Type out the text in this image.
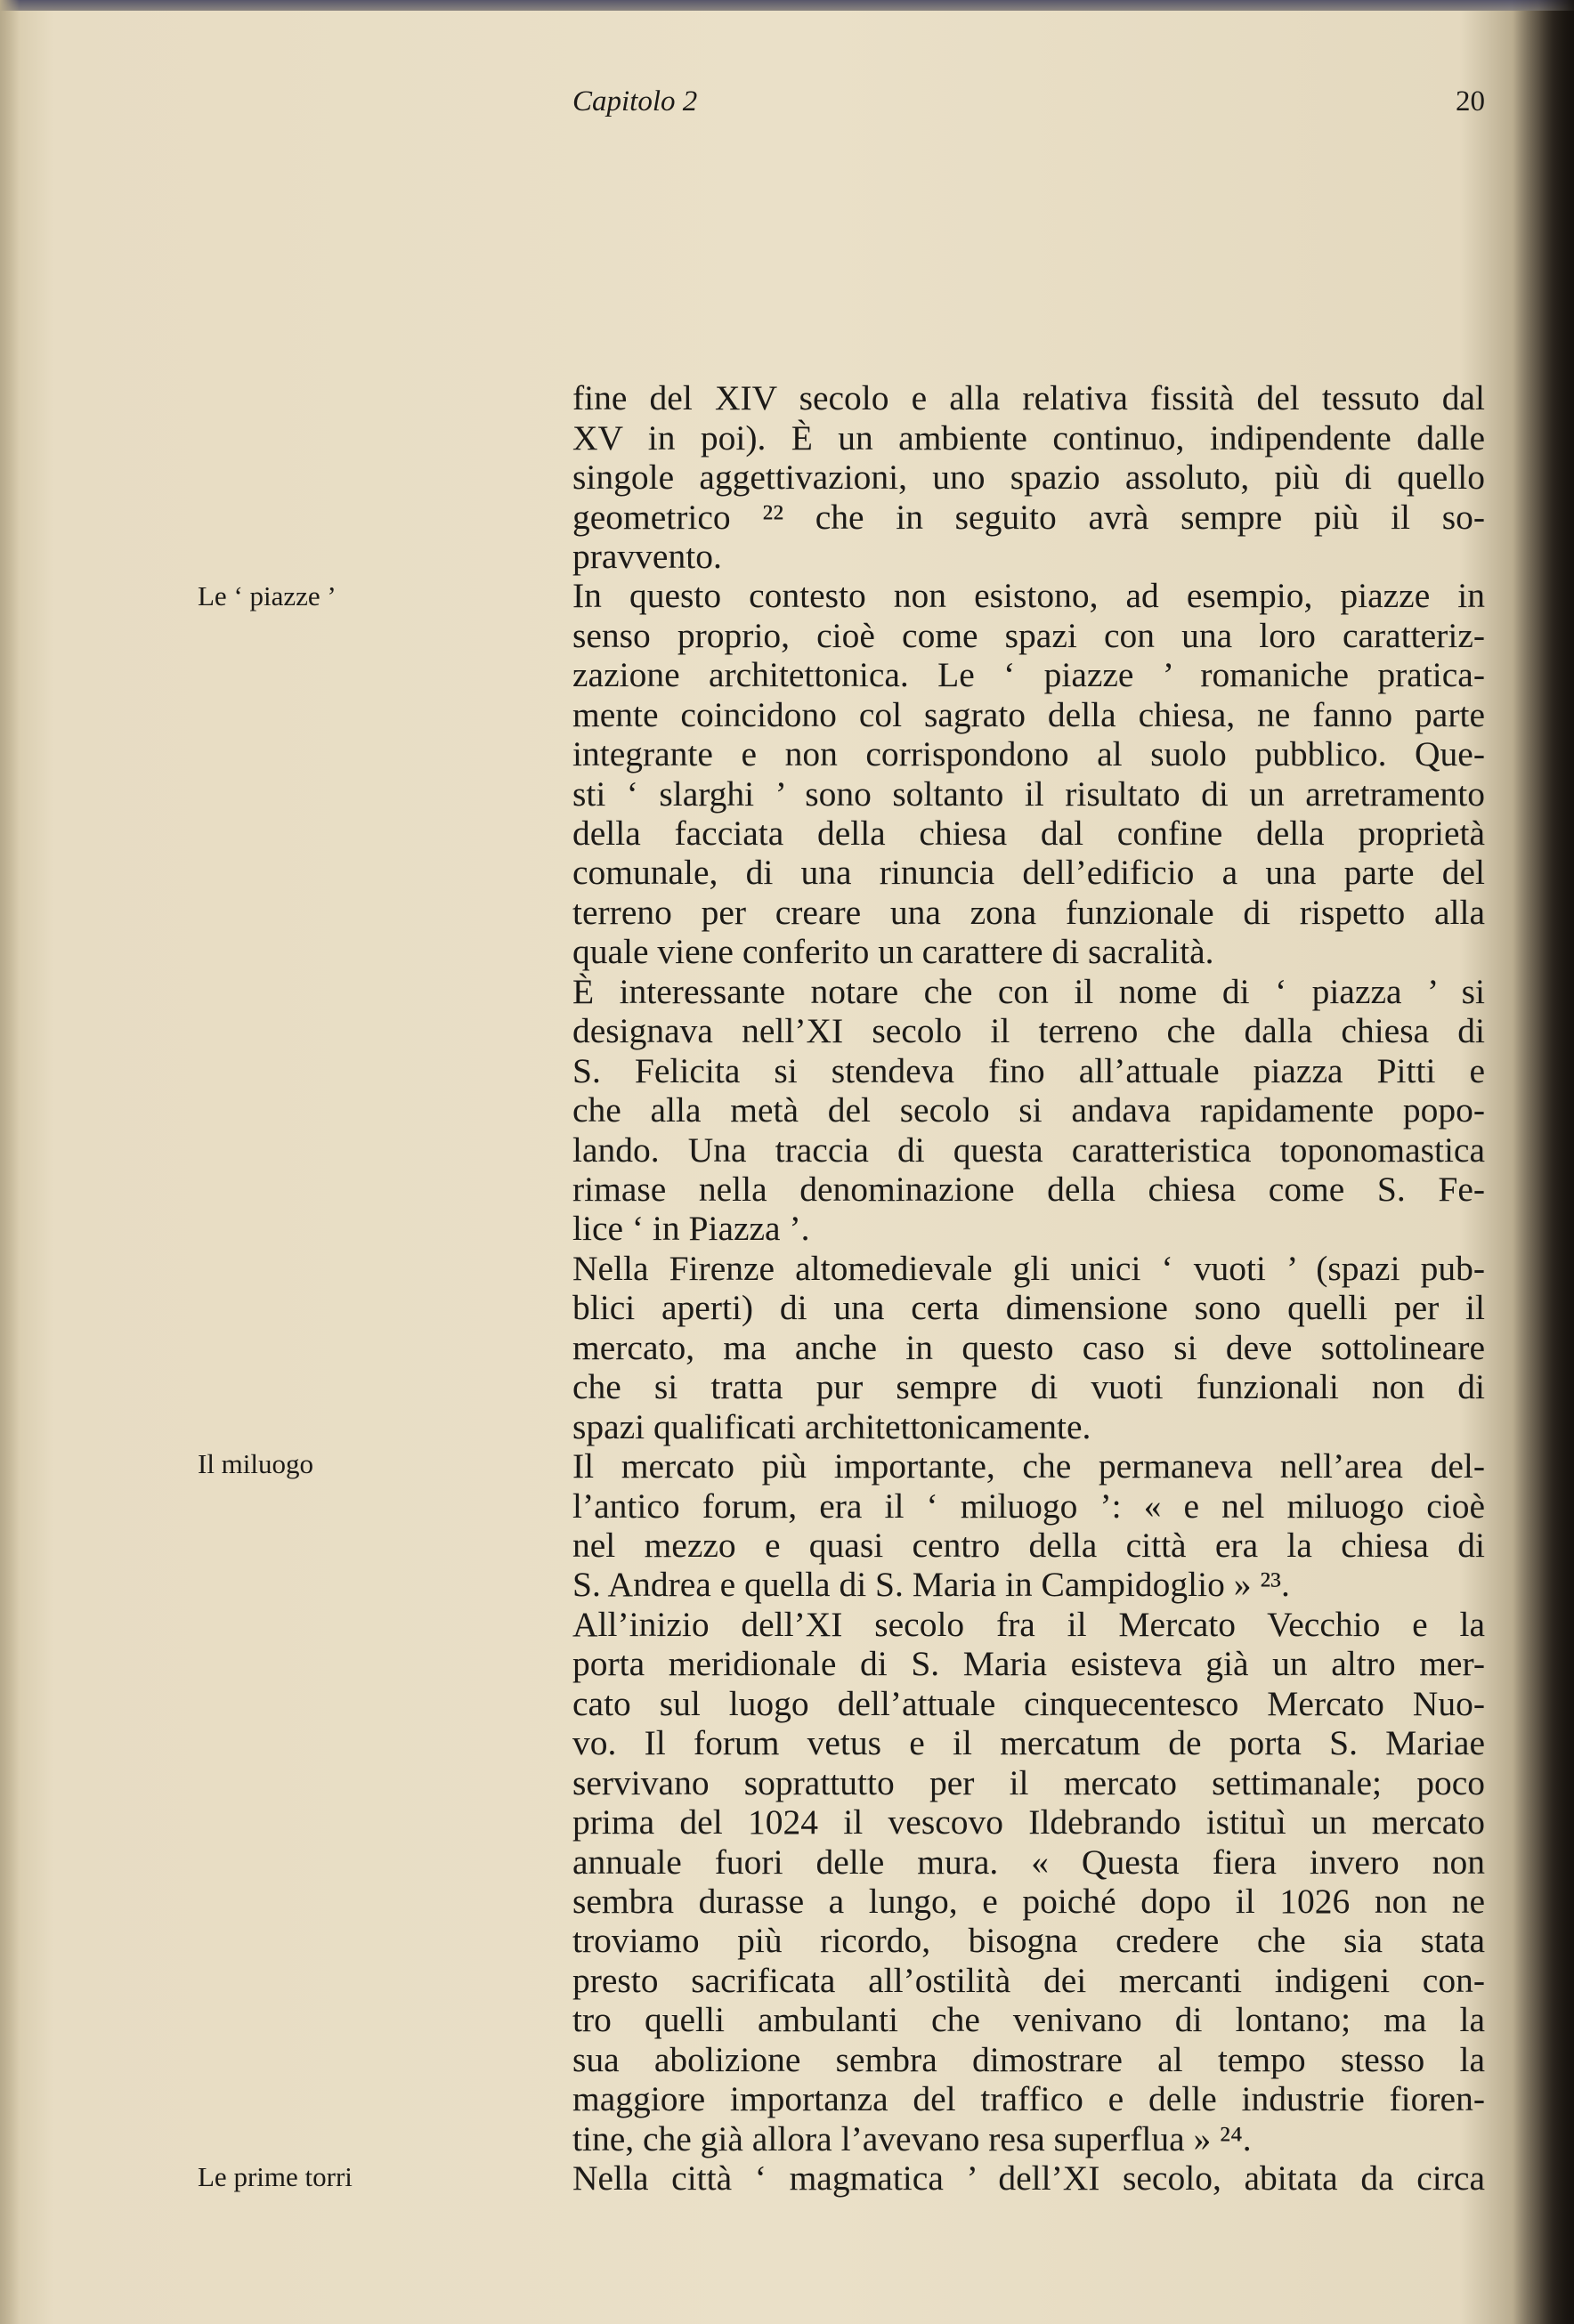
Capitolo 2	20
Le ‘ piazze ’
Il miluogo
Le prime torri
fine del XIV secolo e alla relativa fissità del tessuto dal
XV in poi). È un ambiente continuo, indipendente dalle
singole aggettivazioni, uno spazio assoluto, più di quello
geometrico ²² che in seguito avrà sempre più il so-
pravvento.
In questo contesto non esistono, ad esempio, piazze in
senso proprio, cioè come spazi con una loro caratteriz-
zazione architettonica. Le ‘ piazze ’ romaniche pratica-
mente coincidono col sagrato della chiesa, ne fanno parte
integrante e non corrispondono al suolo pubblico. Que-
sti ‘ slarghi ’ sono soltanto il risultato di un arretramento
della facciata della chiesa dal confine della proprietà
comunale, di una rinuncia dell’edificio a una parte del
terreno per creare una zona funzionale di rispetto alla
quale viene conferito un carattere di sacralità.
È interessante notare che con il nome di ‘ piazza ’ si
designava nell’XI secolo il terreno che dalla chiesa di
S. Felicita si stendeva fino all’attuale piazza Pitti e
che alla metà del secolo si andava rapidamente popo-
lando. Una traccia di questa caratteristica toponomastica
rimase nella denominazione della chiesa come S. Fe-
lice ‘ in Piazza ’.
Nella Firenze altomedievale gli unici ‘ vuoti ’ (spazi pub-
blici aperti) di una certa dimensione sono quelli per il
mercato, ma anche in questo caso si deve sottolineare
che si tratta pur sempre di vuoti funzionali non di
spazi qualificati architettonicamente.
Il mercato più importante, che permaneva nell’area del-
l’antico forum, era il ‘ miluogo ’: « e nel miluogo cioè
nel mezzo e quasi centro della città era la chiesa di
S. Andrea e quella di S. Maria in Campidoglio » ²³.
All’inizio dell’XI secolo fra il Mercato Vecchio e la
porta meridionale di S. Maria esisteva già un altro mer-
cato sul luogo dell’attuale cinquecentesco Mercato Nuo-
vo. Il forum vetus e il mercatum de porta S. Mariae
servivano soprattutto per il mercato settimanale; poco
prima del 1024 il vescovo Ildebrando istituì un mercato
annuale fuori delle mura. « Questa fiera invero non
sembra durasse a lungo, e poiché dopo il 1026 non ne
troviamo più ricordo, bisogna credere che sia stata
presto sacrificata all’ostilità dei mercanti indigeni con-
tro quelli ambulanti che venivano di lontano; ma la
sua abolizione sembra dimostrare al tempo stesso la
maggiore importanza del traffico e delle industrie fioren-
tine, che già allora l’avevano resa superflua » ²⁴.
Nella città ‘ magmatica ’ dell’XI secolo, abitata da circa
